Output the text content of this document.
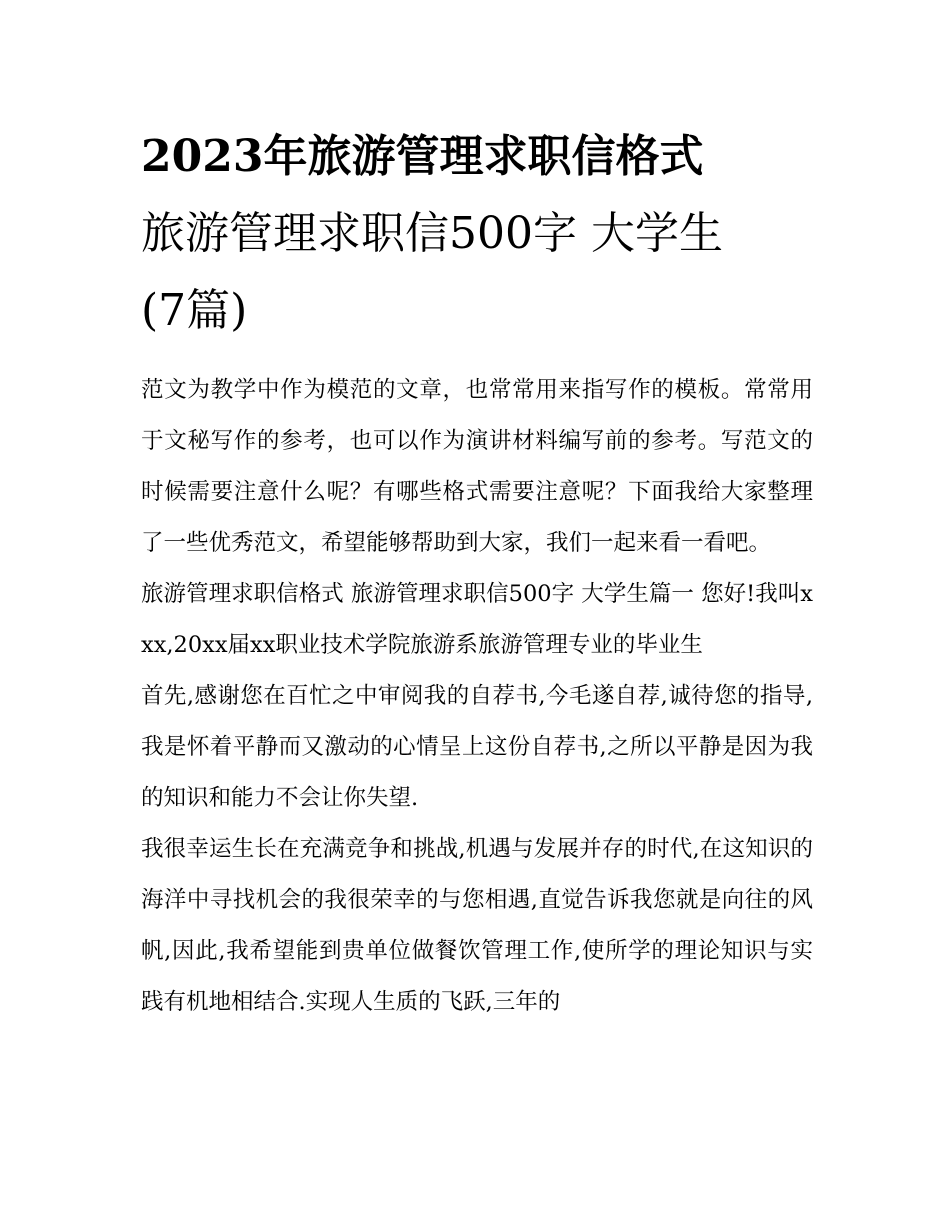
2023年旅游管理求职信格式
旅游管理求职信500字 大学生
(7篇)

范文为教学中作为模范的文章，也常常用来指写作的模板。常常用于文秘写作的参考，也可以作为演讲材料编写前的参考。写范文的时候需要注意什么呢？有哪些格式需要注意呢？下面我给大家整理了一些优秀范文，希望能够帮助到大家，我们一起来看一看吧。

旅游管理求职信格式 旅游管理求职信500字 大学生篇一 您好!我叫xxx,20xx届xx职业技术学院旅游系旅游管理专业的毕业生

首先,感谢您在百忙之中审阅我的自荐书,今毛遂自荐,诚待您的指导,我是怀着平静而又激动的心情呈上这份自荐书,之所以平静是因为我的知识和能力不会让你失望.

我很幸运生长在充满竞争和挑战,机遇与发展并存的时代,在这知识的海洋中寻找机会的我很荣幸的与您相遇,直觉告诉我您就是向往的风帆,因此,我希望能到贵单位做餐饮管理工作,使所学的理论知识与实践有机地相结合.实现人生质的飞跃,三年的
